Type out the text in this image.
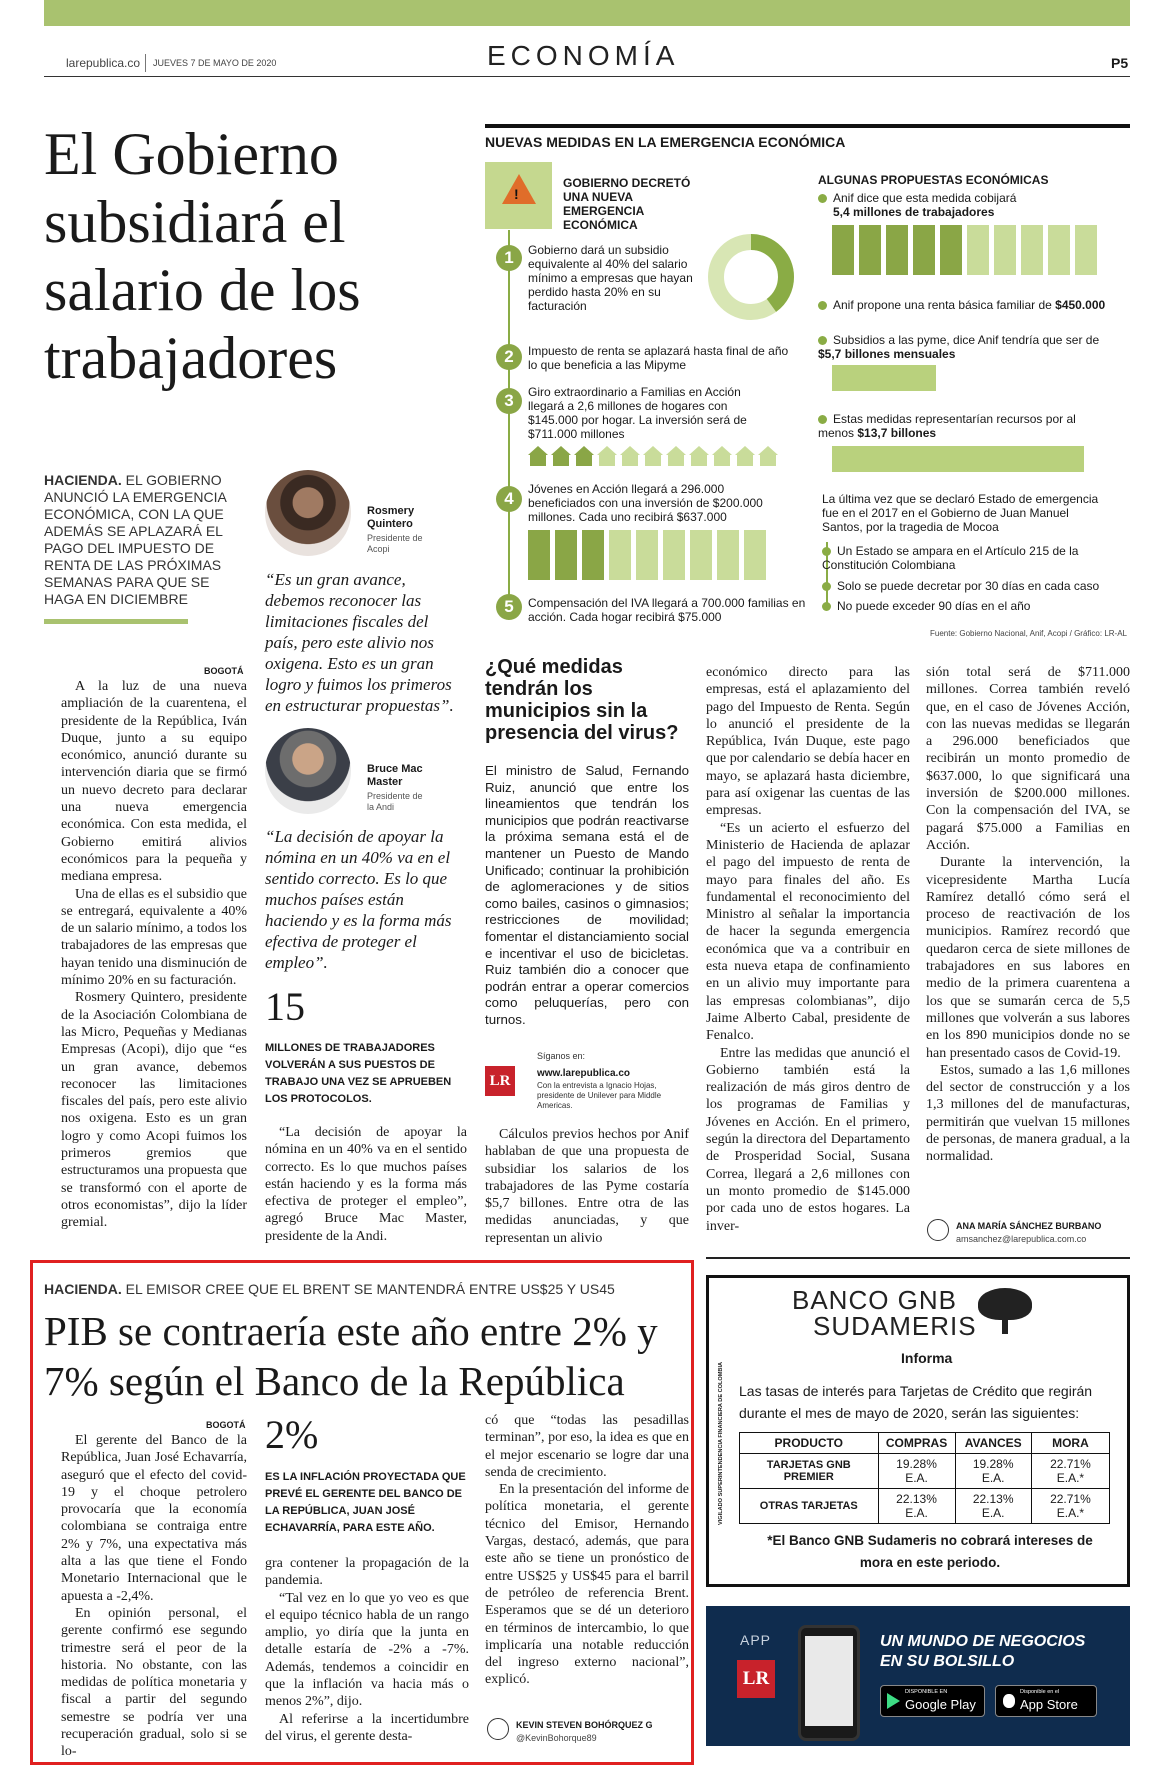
larepublica.co JUEVES 7 DE MAYO DE 2020	ECONOMÍA	P5
El Gobierno subsidiará el salario de los trabajadores
HACIENDA. EL GOBIERNO ANUNCIÓ LA EMERGENCIA ECONÓMICA, CON LA QUE ADEMÁS SE APLAZARÁ EL PAGO DEL IMPUESTO DE RENTA DE LAS PRÓXIMAS SEMANAS PARA QUE SE HAGA EN DICIEMBRE
Rosmery Quintero
Presidente de Acopi
“Es un gran avance, debemos reconocer las limitaciones fiscales del país, pero este alivio nos oxigena. Esto es un gran logro y fuimos los primeros en estructurar propuestas”.
Bruce Mac Master
Presidente de la Andi
“La decisión de apoyar la nómina en un 40% va en el sentido correcto. Es lo que muchos países están haciendo y es la forma más efectiva de proteger el empleo”.
15
MILLONES DE TRABAJADORES VOLVERÁN A SUS PUESTOS DE TRABAJO UNA VEZ SE APRUEBEN LOS PROTOCOLOS.
BOGOTÁ

A la luz de una nueva ampliación de la cuarentena, el presidente de la República, Iván Duque, junto a su equipo económico, anunció durante su intervención diaria que se firmó un nuevo decreto para declarar una nueva emergencia económica. Con esta medida, el Gobierno emitirá alivios económicos para la pequeña y mediana empresa.

Una de ellas es el subsidio que se entregará, equivalente a 40% de un salario mínimo, a todos los trabajadores de las empresas que hayan tenido una disminución de mínimo 20% en su facturación.

Rosmery Quintero, presidente de la Asociación Colombiana de las Micro, Pequeñas y Medianas Empresas (Acopi), dijo que “es un gran avance, debemos reconocer las limitaciones fiscales del país, pero este alivio nos oxigena. Esto es un gran logro y como Acopi fuimos los primeros gremios que estructuramos una propuesta que se transformó con el aporte de otros economistas”, dijo la líder gremial.

“La decisión de apoyar la nómina en un 40% va en el sentido correcto. Es lo que muchos países están haciendo y es la forma más efectiva de proteger el empleo”, agregó Bruce Mac Master, presidente de la Andi.

NUEVAS MEDIDAS EN LA EMERGENCIA ECONÓMICA
!
GOBIERNO DECRETÓ UNA NUEVA EMERGENCIA ECONÓMICA
1	Gobierno dará un subsidio equivalente al 40% del salario mínimo a empresas que hayan perdido hasta 20% en su facturación
2	Impuesto de renta se aplazará hasta final de año lo que beneficia a las Mipyme
3	Giro extraordinario a Familias en Acción llegará a 2,6 millones de hogares con $145.000 por hogar. La inversión será de $711.000 millones
4	Jóvenes en Acción llegará a 296.000 beneficiados con una inversión de $200.000 millones. Cada uno recibirá $637.000
5	Compensación del IVA llegará a 700.000 familias en acción. Cada hogar recibirá $75.000
ALGUNAS PROPUESTAS ECONÓMICAS
Anif dice que esta medida cobijará
5,4 millones de trabajadores
Anif propone una renta básica familiar de $450.000
Subsidios a las pyme, dice Anif tendría que ser de $5,7 billones mensuales
Estas medidas representarían recursos por al menos $13,7 billones
La última vez que se declaró Estado de emergencia fue en el 2017 en el Gobierno de Juan Manuel Santos, por la tragedia de Mocoa
Un Estado se ampara en el Artículo 215 de la Constitución Colombiana
Solo se puede decretar por 30 días en cada caso
No puede exceder 90 días en el año
Fuente: Gobierno Nacional, Anif, Acopi / Gráfico: LR-AL
¿Qué medidas tendrán los municipios sin la presencia del virus?

El ministro de Salud, Fernando Ruiz, anunció que entre los lineamientos que tendrán los municipios que podrán reactivarse la próxima semana está el de mantener un Puesto de Mando Unificado; continuar la prohibición de aglomeraciones y de sitios como bailes, casinos o gimnasios; restricciones de movilidad; fomentar el distanciamiento social e incentivar el uso de bicicletas. Ruiz también dio a conocer que podrán entrar a operar comercios como peluquerías, pero con turnos.

LR
Síganos en:
www.larepublica.co
Con la entrevista a Ignacio Hojas, presidente de Unilever para Middle Americas.

Cálculos previos hechos por Anif hablaban de que una propuesta de subsidiar los salarios de los trabajadores de las Pyme costaría $5,7 billones. Entre otra de las medidas anunciadas, y que representan un alivio

económico directo para las empresas, está el aplazamiento del pago del Impuesto de Renta. Según lo anunció el presidente de la República, Iván Duque, este pago que por calendario se debía hacer en mayo, se aplazará hasta diciembre, para así oxigenar las cuentas de las empresas.

“Es un acierto el esfuerzo del Ministerio de Hacienda de aplazar el pago del impuesto de renta de mayo para finales del año. Es fundamental el reconocimiento del Ministro al señalar la importancia de hacer la segunda emergencia económica que va a contribuir en esta nueva etapa de confinamiento en un alivio muy importante para las empresas colombianas”, dijo Jaime Alberto Cabal, presidente de Fenalco.

Entre las medidas que anunció el Gobierno también está la realización de más giros dentro de los programas de Familias y Jóvenes en Acción. En el primero, según la directora del Departamento de Prosperidad Social, Susana Correa, llegará a 2,6 millones con un monto promedio de $145.000 por cada uno de estos hogares. La inver-

sión total será de $711.000 millones. Correa también reveló que, en el caso de Jóvenes Acción, con las nuevas medidas se llegarán a 296.000 beneficiados que recibirán un monto promedio de $637.000, lo que significará una inversión de $200.000 millones. Con la compensación del IVA, se pagará $75.000 a Familias en Acción.

Durante la intervención, la vicepresidente Martha Lucía Ramírez detalló cómo será el proceso de reactivación de los municipios. Ramírez recordó que quedaron cerca de siete millones de trabajadores en sus labores en medio de la primera cuarentena a los que se sumarán cerca de 5,5 millones que volverán a sus labores en los 890 municipios donde no se han presentado casos de Covid-19.

Estos, sumado a las 1,6 millones del sector de construcción y a los 1,3 millones del de manufacturas, permitirán que vuelvan 15 millones de personas, de manera gradual, a la normalidad.

ANA MARÍA SÁNCHEZ BURBANO
amsanchez@larepublica.com.co
HACIENDA. EL EMISOR CREE QUE EL BRENT SE MANTENDRÁ ENTRE US$25 Y US45
PIB se contraería este año entre 2% y 7% según el Banco de la República
BOGOTÁ

El gerente del Banco de la República, Juan José Echavarría, aseguró que el efecto del covid-19 y el choque petrolero provocaría que la economía colombiana se contraiga entre 2% y 7%, una expectativa más alta a las que tiene el Fondo Monetario Internacional que le apuesta a -2,4%.

En opinión personal, el gerente confirmó ese segundo trimestre será el peor de la historia. No obstante, con las medidas de política monetaria y fiscal a partir del segundo semestre se podría ver una recuperación gradual, solo si se lo-

2%
ES LA INFLACIÓN PROYECTADA QUE PREVÉ EL GERENTE DEL BANCO DE LA REPÚBLICA, JUAN JOSÉ ECHAVARRÍA, PARA ESTE AÑO.

gra contener la propagación de la pandemia.

“Tal vez en lo que yo veo es que el equipo técnico habla de un rango amplio, yo diría que la junta en detalle estaría de -2% a -7%. Además, tendemos a coincidir en que la inflación va hacia más o menos 2%”, dijo.

Al referirse a la incertidumbre del virus, el gerente desta-

có que “todas las pesadillas terminan”, por eso, la idea es que en el mejor escenario se logre dar una senda de crecimiento.

En la presentación del informe de política monetaria, el gerente técnico del Emisor, Hernando Vargas, destacó, además, que para este año se tiene un pronóstico de entre US$25 y US$45 para el barril de petróleo de referencia Brent. Esperamos que se dé un deterioro en términos de intercambio, lo que implicaría una notable reducción del ingreso externo nacional”, explicó.

KEVIN STEVEN BOHÓRQUEZ G
@KevinBohorque89
BANCO GNB
SUDAMERIS
Informa
VIGILADO SUPERINTENDENCIA FINANCIERA DE COLOMBIA Las tasas de interés para Tarjetas de Crédito que regirán durante el mes de mayo de 2020, serán las siguientes:
PRODUCTO	COMPRAS	AVANCES	MORA
TARJETAS GNB PREMIER	19.28% E.A.	19.28% E.A.	22.71% E.A.*
OTRAS TARJETAS	22.13% E.A.	22.13% E.A.	22.71% E.A.*
*El Banco GNB Sudameris no cobrará intereses de mora en este periodo.
APP
LR
UN MUNDO DE NEGOCIOS EN SU BOLSILLO
DISPONIBLE EN
Google Play
Disponible en el
App Store
